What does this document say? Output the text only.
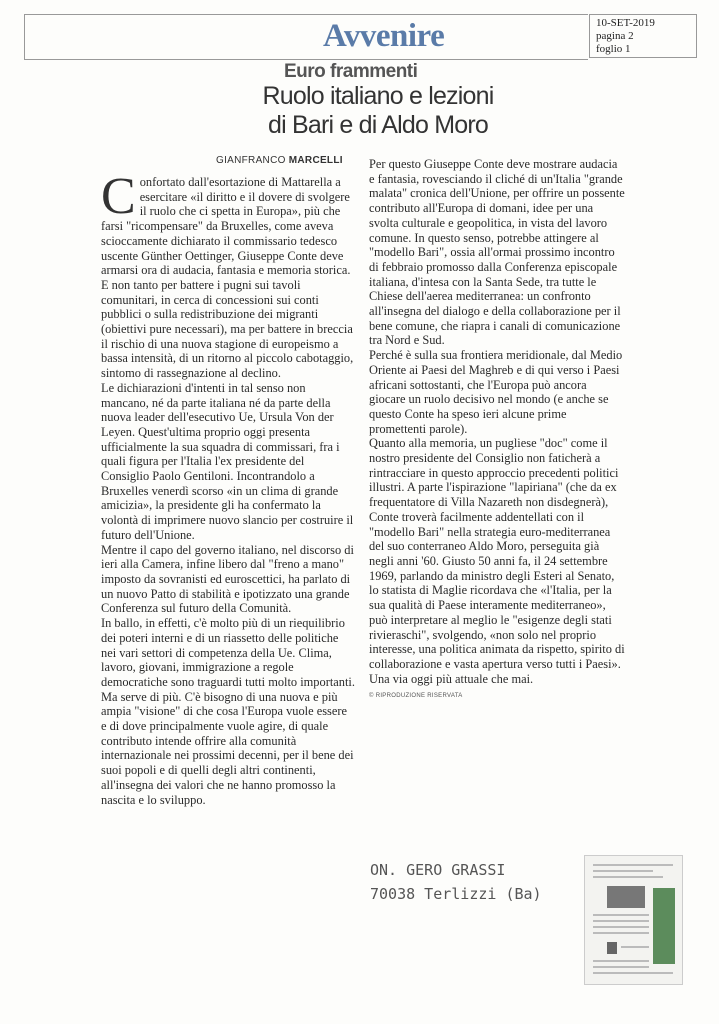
Avvenire	10-SET-2019
pagina 2
foglio 1
Euro frammenti
Ruolo italiano e lezioni
di Bari e di Aldo Moro
GIANFRANCO MARCELLI
C onfortato dall'esortazione di Mattarella a esercitare «il diritto e il dovere di svolgere il ruolo che ci spetta in Europa», più che farsi "ricompensare" da Bruxelles, come aveva scioccamente dichiarato il commissario tedesco uscente Günther Oettinger, Giuseppe Conte deve armarsi ora di audacia, fantasia e memoria storica. E non tanto per battere i pugni sui tavoli comunitari, in cerca di concessioni sui conti pubblici o sulla redistribuzione dei migranti (obiettivi pure necessari), ma per battere in breccia il rischio di una nuova stagione di europeismo a bassa intensità, di un ritorno al piccolo cabotaggio, sintomo di rassegnazione al declino.

Le dichiarazioni d'intenti in tal senso non mancano, né da parte italiana né da parte della nuova leader dell'esecutivo Ue, Ursula Von der Leyen. Quest'ultima proprio oggi presenta ufficialmente la sua squadra di commissari, fra i quali figura per l'Italia l'ex presidente del Consiglio Paolo Gentiloni. Incontrandolo a Bruxelles venerdì scorso «in un clima di grande amicizia», la presidente gli ha confermato la volontà di imprimere nuovo slancio per costruire il futuro dell'Unione.

Mentre il capo del governo italiano, nel discorso di ieri alla Camera, infine libero dal "freno a mano" imposto da sovranisti ed euroscettici, ha parlato di un nuovo Patto di stabilità e ipotizzato una grande Conferenza sul futuro della Comunità.

In ballo, in effetti, c'è molto più di un riequilibrio dei poteri interni e di un riassetto delle politiche nei vari settori di competenza della Ue. Clima, lavoro, giovani, immigrazione a regole democratiche sono traguardi tutti molto importanti. Ma serve di più. C'è bisogno di una nuova e più ampia "visione" di che cosa l'Europa vuole essere e di dove principalmente vuole agire, di quale contributo intende offrire alla comunità internazionale nei prossimi decenni, per il bene dei suoi popoli e di quelli degli altri continenti, all'insegna dei valori che ne hanno promosso la nascita e lo sviluppo.

Per questo Giuseppe Conte deve mostrare audacia e fantasia, rovesciando il cliché di un'Italia "grande malata" cronica dell'Unione, per offrire un possente contributo all'Europa di domani, idee per una svolta culturale e geopolitica, in vista del lavoro comune. In questo senso, potrebbe attingere al "modello Bari", ossia all'ormai prossimo incontro di febbraio promosso dalla Conferenza episcopale italiana, d'intesa con la Santa Sede, tra tutte le Chiese dell'aerea mediterranea: un confronto all'insegna del dialogo e della collaborazione per il bene comune, che riapra i canali di comunicazione tra Nord e Sud.

Perché è sulla sua frontiera meridionale, dal Medio Oriente ai Paesi del Maghreb e di qui verso i Paesi africani sottostanti, che l'Europa può ancora giocare un ruolo decisivo nel mondo (e anche se questo Conte ha speso ieri alcune prime promettenti parole).

Quanto alla memoria, un pugliese "doc" come il nostro presidente del Consiglio non faticherà a rintracciare in questo approccio precedenti politici illustri. A parte l'ispirazione "lapiriana" (che da ex frequentatore di Villa Nazareth non disdegnerà), Conte troverà facilmente addentellati con il "modello Bari" nella strategia euro-mediterranea del suo conterraneo Aldo Moro, perseguita già negli anni '60. Giusto 50 anni fa, il 24 settembre 1969, parlando da ministro degli Esteri al Senato, lo statista di Maglie ricordava che «l'Italia, per la sua qualità di Paese interamente mediterraneo», può interpretare al meglio le "esigenze degli stati rivieraschi", svolgendo, «non solo nel proprio interesse, una politica animata da rispetto, spirito di collaborazione e vasta apertura verso tutti i Paesi». Una via oggi più attuale che mai.

© RIPRODUZIONE RISERVATA

ON. GERO GRASSI
70038 Terlizzi (Ba)
